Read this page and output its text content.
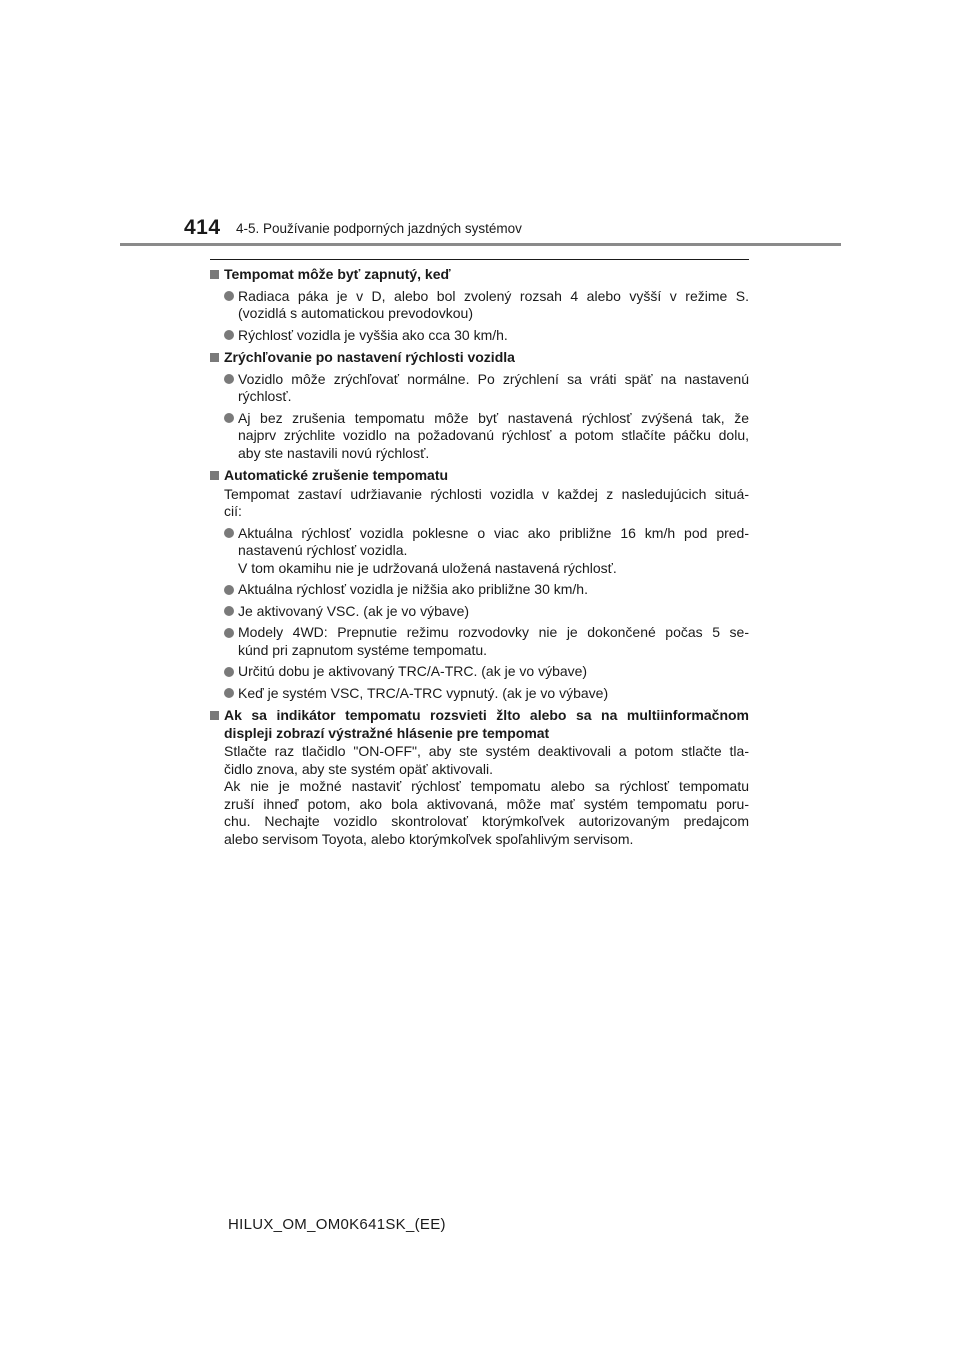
414 4-5. Používanie podporných jazdných systémov
Tempomat môže byť zapnutý, keď
Radiaca páka je v D, alebo bol zvolený rozsah 4 alebo vyšší v režime S.
(vozidlá s automatickou prevodovkou)
Rýchlosť vozidla je vyššia ako cca 30 km/h.
Zrýchľovanie po nastavení rýchlosti vozidla
Vozidlo môže zrýchľovať normálne. Po zrýchlení sa vráti späť na nastavenú
rýchlosť.
Aj bez zrušenia tempomatu môže byť nastavená rýchlosť zvýšená tak, že
najprv zrýchlite vozidlo na požadovanú rýchlosť a potom stlačíte páčku dolu,
aby ste nastavili novú rýchlosť.
Automatické zrušenie tempomatu
Tempomat zastaví udržiavanie rýchlosti vozidla v každej z nasledujúcich situá-
cií:
Aktuálna rýchlosť vozidla poklesne o viac ako približne 16 km/h pod pred-
nastavenú rýchlosť vozidla.
V tom okamihu nie je udržovaná uložená nastavená rýchlosť.
Aktuálna rýchlosť vozidla je nižšia ako približne 30 km/h.
Je aktivovaný VSC. (ak je vo výbave)
Modely 4WD: Prepnutie režimu rozvodovky nie je dokončené počas 5 se-
kúnd pri zapnutom systéme tempomatu.
Určitú dobu je aktivovaný TRC/A-TRC. (ak je vo výbave)
Keď je systém VSC, TRC/A-TRC vypnutý. (ak je vo výbave)
Ak sa indikátor tempomatu rozsvieti žlto alebo sa na multiinformačnom
displeji zobrazí výstražné hlásenie pre tempomat
Stlačte raz tlačidlo "ON-OFF", aby ste systém deaktivovali a potom stlačte tla-
čidlo znova, aby ste systém opäť aktivovali.
Ak nie je možné nastaviť rýchlosť tempomatu alebo sa rýchlosť tempomatu
zruší ihneď potom, ako bola aktivovaná, môže mať systém tempomatu poru-
chu. Nechajte vozidlo skontrolovať ktorýmkoľvek autorizovaným predajcom
alebo servisom Toyota, alebo ktorýmkoľvek spoľahlivým servisom.
HILUX_OM_OM0K641SK_(EE)
